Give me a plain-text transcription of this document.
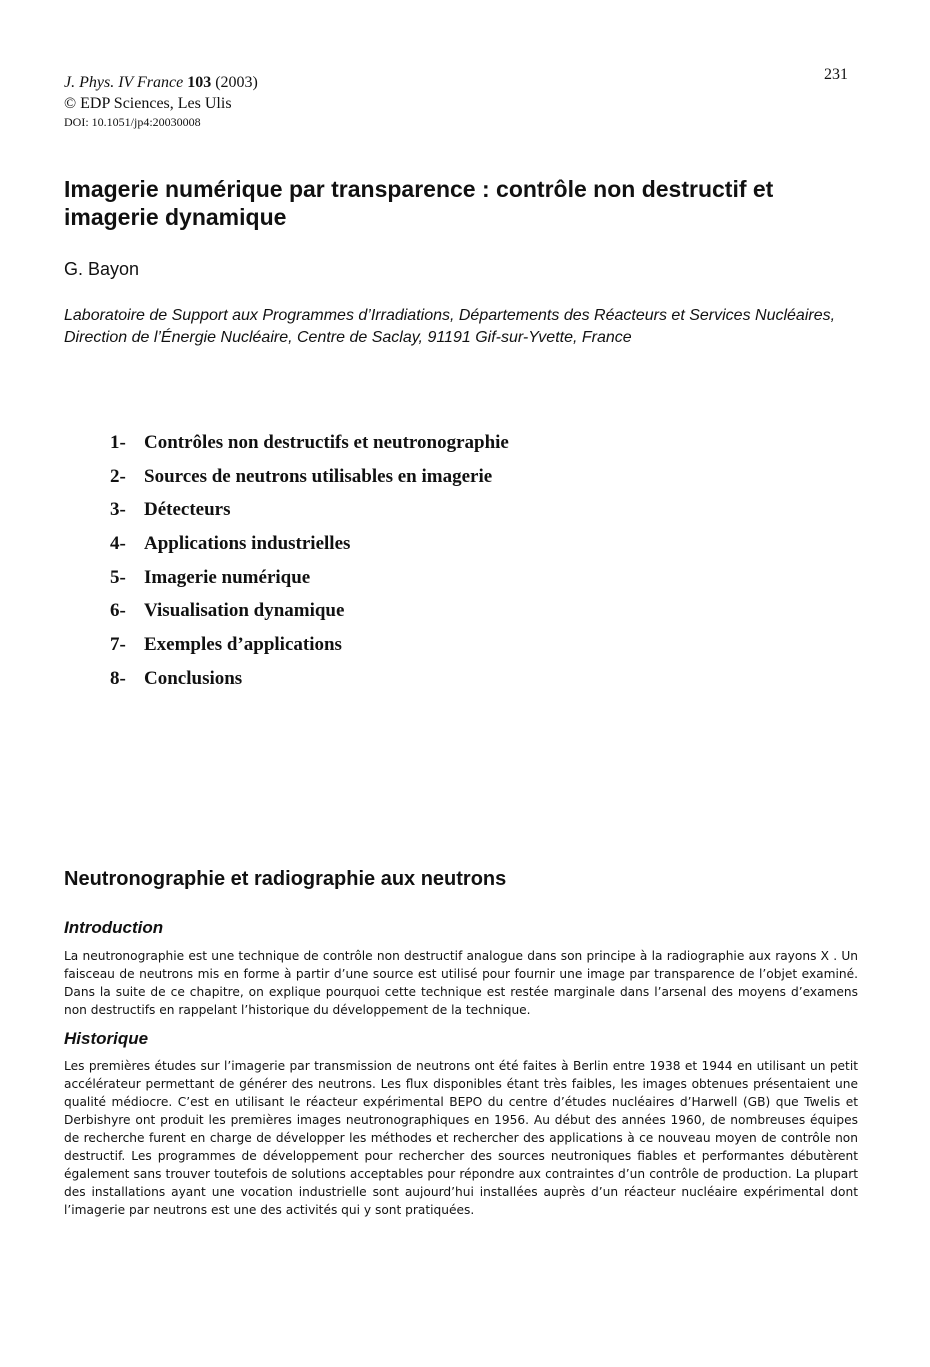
J. Phys. IV France 103 (2003)
© EDP Sciences, Les Ulis
DOI: 10.1051/jp4:20030008
231
Imagerie numérique par transparence : contrôle non destructif et imagerie dynamique
G. Bayon
Laboratoire de Support aux Programmes d’Irradiations, Départements des Réacteurs et Services Nucléaires, Direction de l’Énergie Nucléaire, Centre de Saclay, 91191 Gif-sur-Yvette, France
1- Contrôles non destructifs et neutronographie
2- Sources de neutrons utilisables en imagerie
3- Détecteurs
4- Applications industrielles
5- Imagerie numérique
6- Visualisation dynamique
7- Exemples d’applications
8- Conclusions
Neutronographie et radiographie aux neutrons
Introduction

La neutronographie est une technique de contrôle non destructif analogue dans son principe à la radiographie aux rayons X . Un faisceau de neutrons mis en forme à partir d’une source est utilisé pour fournir une image par transparence de l’objet examiné. Dans la suite de ce chapitre, on explique pourquoi cette technique est restée marginale dans l’arsenal des moyens d’examens non destructifs en rappelant l’historique du développement de la technique.

Historique

Les premières études sur l’imagerie par transmission de neutrons ont été faites à Berlin entre 1938 et 1944 en utilisant un petit accélérateur permettant de générer des neutrons. Les flux disponibles étant très faibles, les images obtenues présentaient une qualité médiocre. C’est en utilisant le réacteur expérimental BEPO du centre d’études nucléaires d’Harwell (GB) que Twelis et Derbishyre ont produit les premières images neutronographiques en 1956. Au début des années 1960, de nombreuses équipes de recherche furent en charge de développer les méthodes et rechercher des applications à ce nouveau moyen de contrôle non destructif. Les programmes de développement pour rechercher des sources neutroniques fiables et performantes débutèrent également sans trouver toutefois de solutions acceptables pour répondre aux contraintes d’un contrôle de production. La plupart des installations ayant une vocation industrielle sont aujourd’hui installées auprès d’un réacteur nucléaire expérimental dont l’imagerie par neutrons est une des activités qui y sont pratiquées.
